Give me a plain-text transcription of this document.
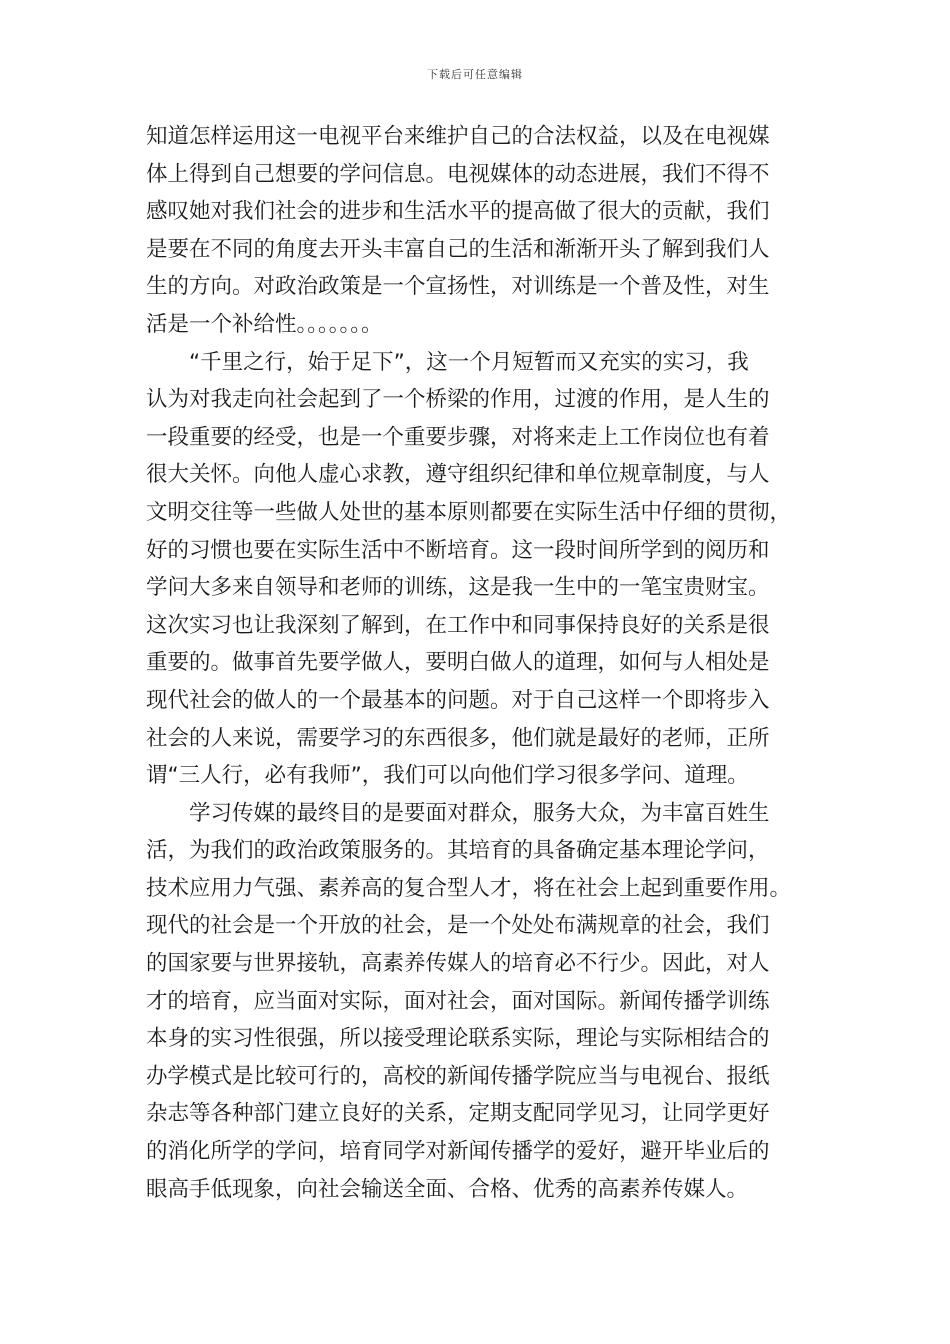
下载后可任意编辑
知道怎样运用这一电视平台来维护自己的合法权益，以及在电视媒
体上得到自己想要的学问信息。电视媒体的动态进展，我们不得不
感叹她对我们社会的进步和生活水平的提高做了很大的贡献，我们
是要在不同的角度去开头丰富自己的生活和渐渐开头了解到我们人
生的方向。对政治政策是一个宣扬性，对训练是一个普及性，对生
活是一个补给性。。。。。。。
“千里之行，始于足下”，这一个月短暂而又充实的实习，我
认为对我走向社会起到了一个桥梁的作用，过渡的作用，是人生的
一段重要的经受，也是一个重要步骤，对将来走上工作岗位也有着
很大关怀。向他人虚心求教，遵守组织纪律和单位规章制度，与人
文明交往等一些做人处世的基本原则都要在实际生活中仔细的贯彻，
好的习惯也要在实际生活中不断培育。这一段时间所学到的阅历和
学问大多来自领导和老师的训练，这是我一生中的一笔宝贵财宝。
这次实习也让我深刻了解到，在工作中和同事保持良好的关系是很
重要的。做事首先要学做人，要明白做人的道理，如何与人相处是
现代社会的做人的一个最基本的问题。对于自己这样一个即将步入
社会的人来说，需要学习的东西很多，他们就是最好的老师，正所
谓“三人行，必有我师”，我们可以向他们学习很多学问、道理。
学习传媒的最终目的是要面对群众，服务大众，为丰富百姓生
活，为我们的政治政策服务的。其培育的具备确定基本理论学问，
技术应用力气强、素养高的复合型人才，将在社会上起到重要作用。
现代的社会是一个开放的社会，是一个处处布满规章的社会，我们
的国家要与世界接轨，高素养传媒人的培育必不行少。因此，对人
才的培育，应当面对实际，面对社会，面对国际。新闻传播学训练
本身的实习性很强，所以接受理论联系实际，理论与实际相结合的
办学模式是比较可行的，高校的新闻传播学院应当与电视台、报纸
杂志等各种部门建立良好的关系，定期支配同学见习，让同学更好
的消化所学的学问，培育同学对新闻传播学的爱好，避开毕业后的
眼高手低现象，向社会输送全面、合格、优秀的高素养传媒人。
